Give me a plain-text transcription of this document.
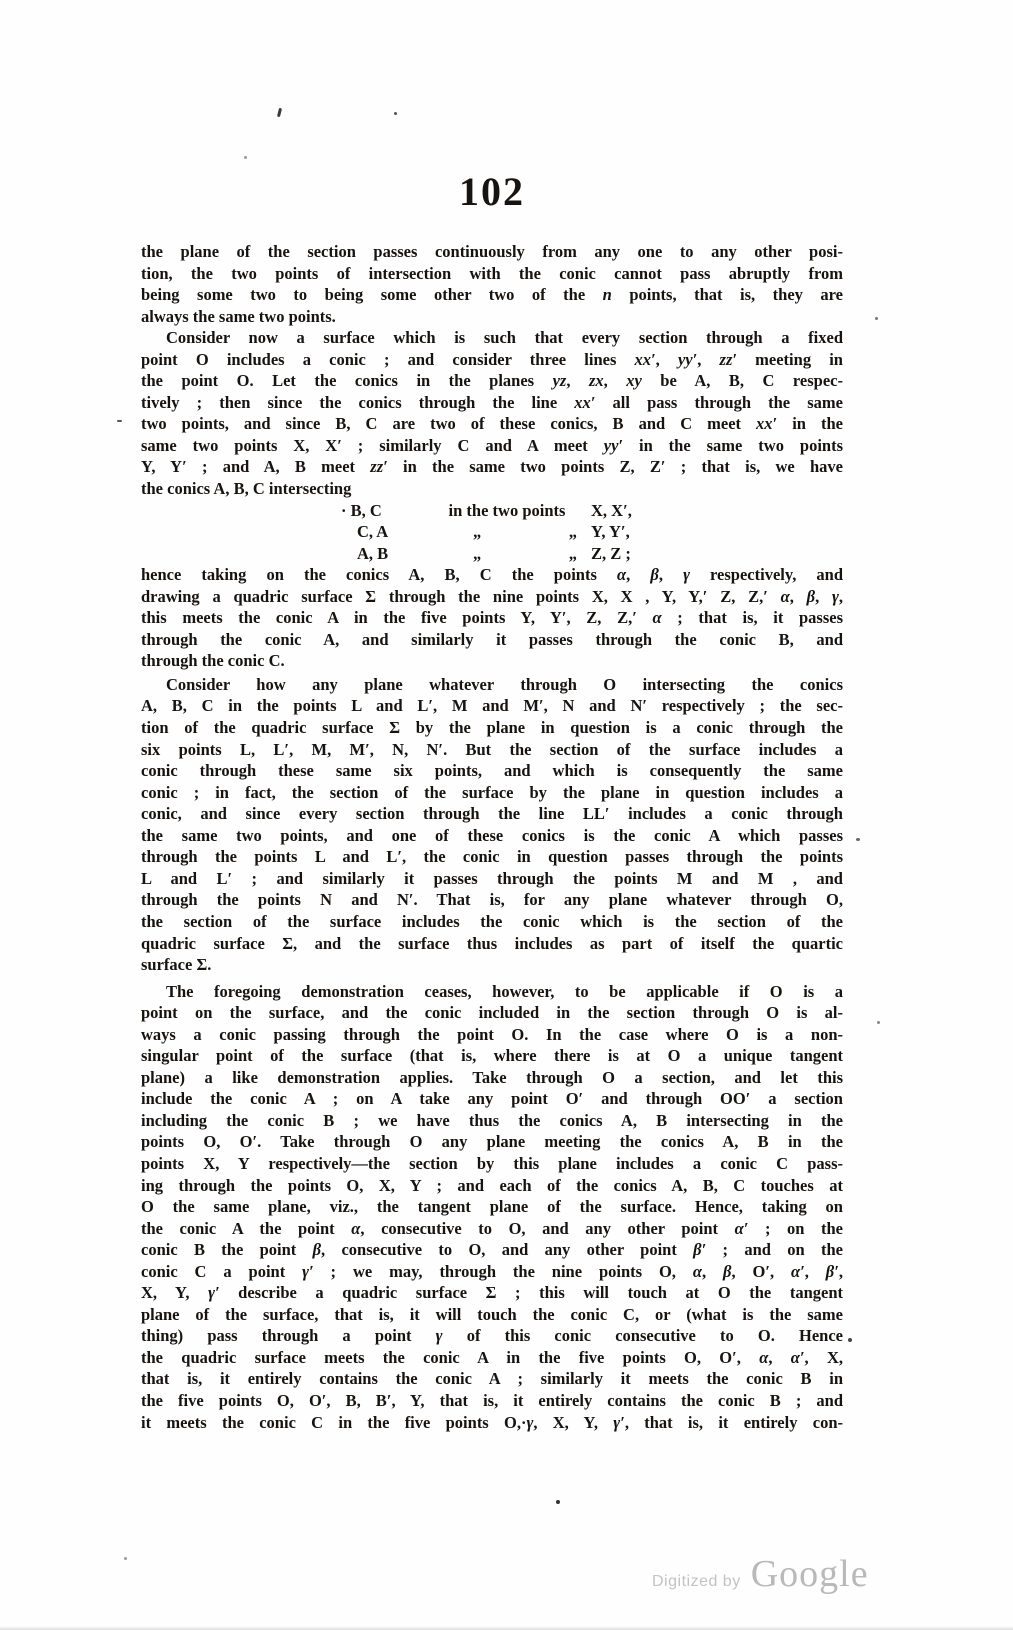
102

the plane of the section passes continuously from any one to any other posi-
tion, the two points of intersection with the conic cannot pass abruptly from
being some two to being some other two of the n points, that is, they are
always the same two points.

Consider now a surface which is such that every section through a fixed
point O includes a conic ; and consider three lines xx′, yy′, zz′ meeting in
the point O. Let the conics in the planes yz, zx, xy be A, B, C respec-
tively ; then since the conics through the line xx′ all pass through the same
two points, and since B, C are two of these conics, B and C meet xx′ in the
same two points X, X′ ; similarly C and A meet yy′ in the same two points
Y, Y′ ; and A, B meet zz′ in the same two points Z, Z′ ; that is, we have
the conics A, B, C intersecting

· B, C	in the two points	X, X′,
C, A	„	„ Y, Y′,
A, B	„	„ Z, Z ;

hence taking on the conics A, B, C the points α, β, γ respectively, and
drawing a quadric surface Σ through the nine points X, X , Y, Y,′ Z, Z,′ α, β, γ,
this meets the conic A in the five points Y, Y′, Z, Z,′ α ; that is, it passes
through the conic A, and similarly it passes through the conic B, and
through the conic C.

Consider how any plane whatever through O intersecting the conics
A, B, C in the points L and L′, M and M′, N and N′ respectively ; the sec-
tion of the quadric surface Σ by the plane in question is a conic through the
six points L, L′, M, M′, N, N′. But the section of the surface includes a
conic through these same six points, and which is consequently the same
conic ; in fact, the section of the surface by the plane in question includes a
conic, and since every section through the line LL′ includes a conic through
the same two points, and one of these conics is the conic A which passes
through the points L and L′, the conic in question passes through the points
L and L′ ; and similarly it passes through the points M and M , and
through the points N and N′. That is, for any plane whatever through O,
the section of the surface includes the conic which is the section of the
quadric surface Σ, and the surface thus includes as part of itself the quartic
surface Σ.

The foregoing demonstration ceases, however, to be applicable if O is a
point on the surface, and the conic included in the section through O is al-
ways a conic passing through the point O. In the case where O is a non-
singular point of the surface (that is, where there is at O a unique tangent
plane) a like demonstration applies. Take through O a section, and let this
include the conic A ; on A take any point O′ and through OO′ a section
including the conic B ; we have thus the conics A, B intersecting in the
points O, O′. Take through O any plane meeting the conics A, B in the
points X, Y respectively—the section by this plane includes a conic C pass-
ing through the points O, X, Y ; and each of the conics A, B, C touches at
O the same plane, viz., the tangent plane of the surface. Hence, taking on
the conic A the point α, consecutive to O, and any other point α′ ; on the
conic B the point β, consecutive to O, and any other point β′ ; and on the
conic C a point γ′ ; we may, through the nine points O, α, β, O′, α′, β′,
X, Y, γ′ describe a quadric surface Σ ; this will touch at O the tangent
plane of the surface, that is, it will touch the conic C, or (what is the same
thing) pass through a point γ of this conic consecutive to O. Hence
the quadric surface meets the conic A in the five points O, O′, α, α′, X,
that is, it entirely contains the conic A ; similarly it meets the conic B in
the five points O, O′, B, B′, Y, that is, it entirely contains the conic B ; and
it meets the conic C in the five points O,·γ, X, Y, γ′, that is, it entirely con-

Digitized by Google
